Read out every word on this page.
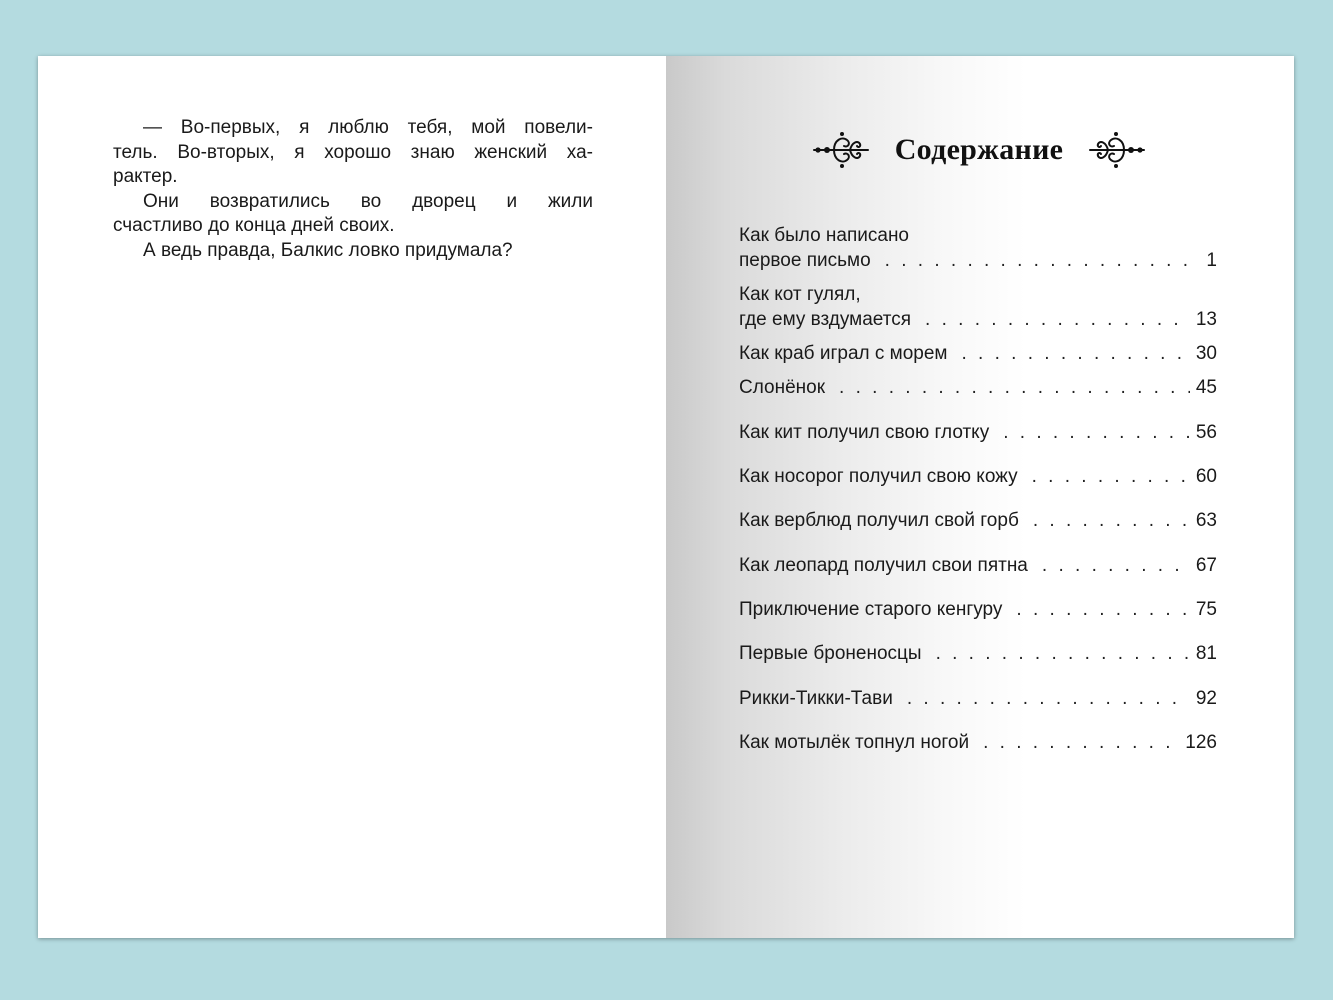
— Во-первых, я люблю тебя, мой повели-

тель. Во-вторых, я хорошо знаю женский ха-

рактер.

Они возвратились во дворец и жили

счастливо до конца дней своих.

А ведь правда, Балкис ловко придумала?

Содержание
Как было написано
первое письмо . . .	1
Как кот гулял,
где ему вздумается . . .	13
Как краб играл с морем . . .	30
Слонёнок . . .	45
Как кит получил свою глотку . . .	56
Как носорог получил свою кожу . . .	60
Как верблюд получил свой горб . . .	63
Как леопард получил свои пятна . . .	67
Приключение старого кенгуру . . .	75
Первые броненосцы . . .	81
Рикки-Тикки-Тави . . .	92
Как мотылёк топнул ногой . . .	126
